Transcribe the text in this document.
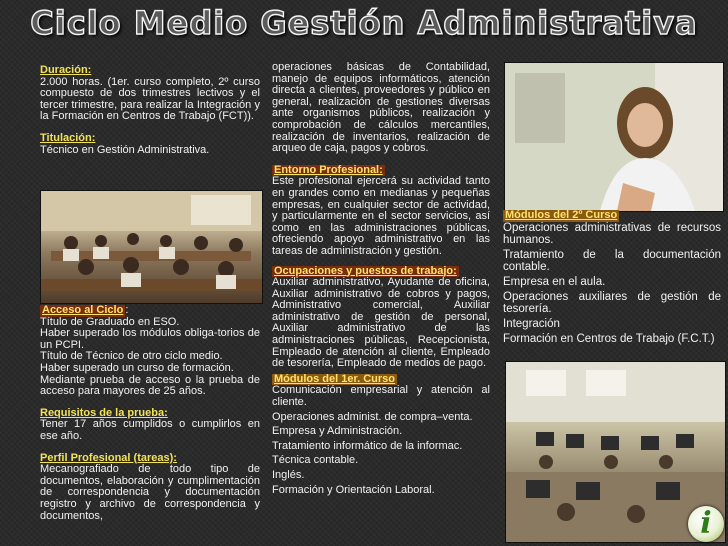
Ciclo Medio Gestión Administrativa

Duración:

2.000 horas. (1er. curso completo, 2º curso compuesto de dos trimestres lectivos y el tercer trimestre, para realizar la Integración y la Formación en Centros de Trabajo (FCT)).

Titulación:

Técnico en Gestión Administrativa.

Acceso al Ciclo :

Título de Graduado en ESO.

Haber superado los módulos obliga-torios de un PCPI.

Título de Técnico de otro ciclo medio.

Haber superado un curso de formación.

Mediante prueba de acceso o la prueba de acceso para mayores de 25 años.

Requisitos de la prueba:

Tener 17 años cumplidos o cumplirlos en ese año.

Perfil Profesional (tareas):

Mecanografiado de todo tipo de documentos, elaboración y cumplimentación de correspondencia y documentación registro y archivo de correspondencia y documentos,

operaciones básicas de Contabilidad, manejo de equipos informáticos, atención directa a clientes, proveedores y público en general, realización de gestiones diversas ante organismos públicos, realización y comprobación de cálculos mercantiles, realización de inventarios, realización de arqueo de caja, pagos y cobros.

Entorno Profesional:

Este profesional ejercerá su actividad tanto en grandes como en medianas y pequeñas empresas, en cualquier sector de actividad, y particularmente en el sector servicios, así como en las administraciones públicas, ofreciendo apoyo administrativo en las tareas de administración y gestión.

Ocupaciones y puestos de trabajo:

Auxiliar administrativo, Ayudante de oficina, Auxiliar administrativo de cobros y pagos, Administrativo comercial, Auxiliar administrativo de gestión de personal, Auxiliar administrativo de las administraciones públicas, Recepcionista, Empleado de atención al cliente, Empleado de tesorería, Empleado de medios de pago.

Módulos del 1er. Curso

Comunicación empresarial y atención al cliente.

Operaciones administ. de compra–venta.

Empresa y Administración.

Tratamiento informático de la informac.

Técnica contable.

Inglés.

Formación y Orientación Laboral.

Módulos del 2º Curso

Operaciones administrativas de recursos humanos.

Tratamiento de la documentación contable.

Empresa en el aula.

Operaciones auxiliares de gestión de tesorería.

Integración

Formación en Centros de Trabajo (F.C.T.)

i
